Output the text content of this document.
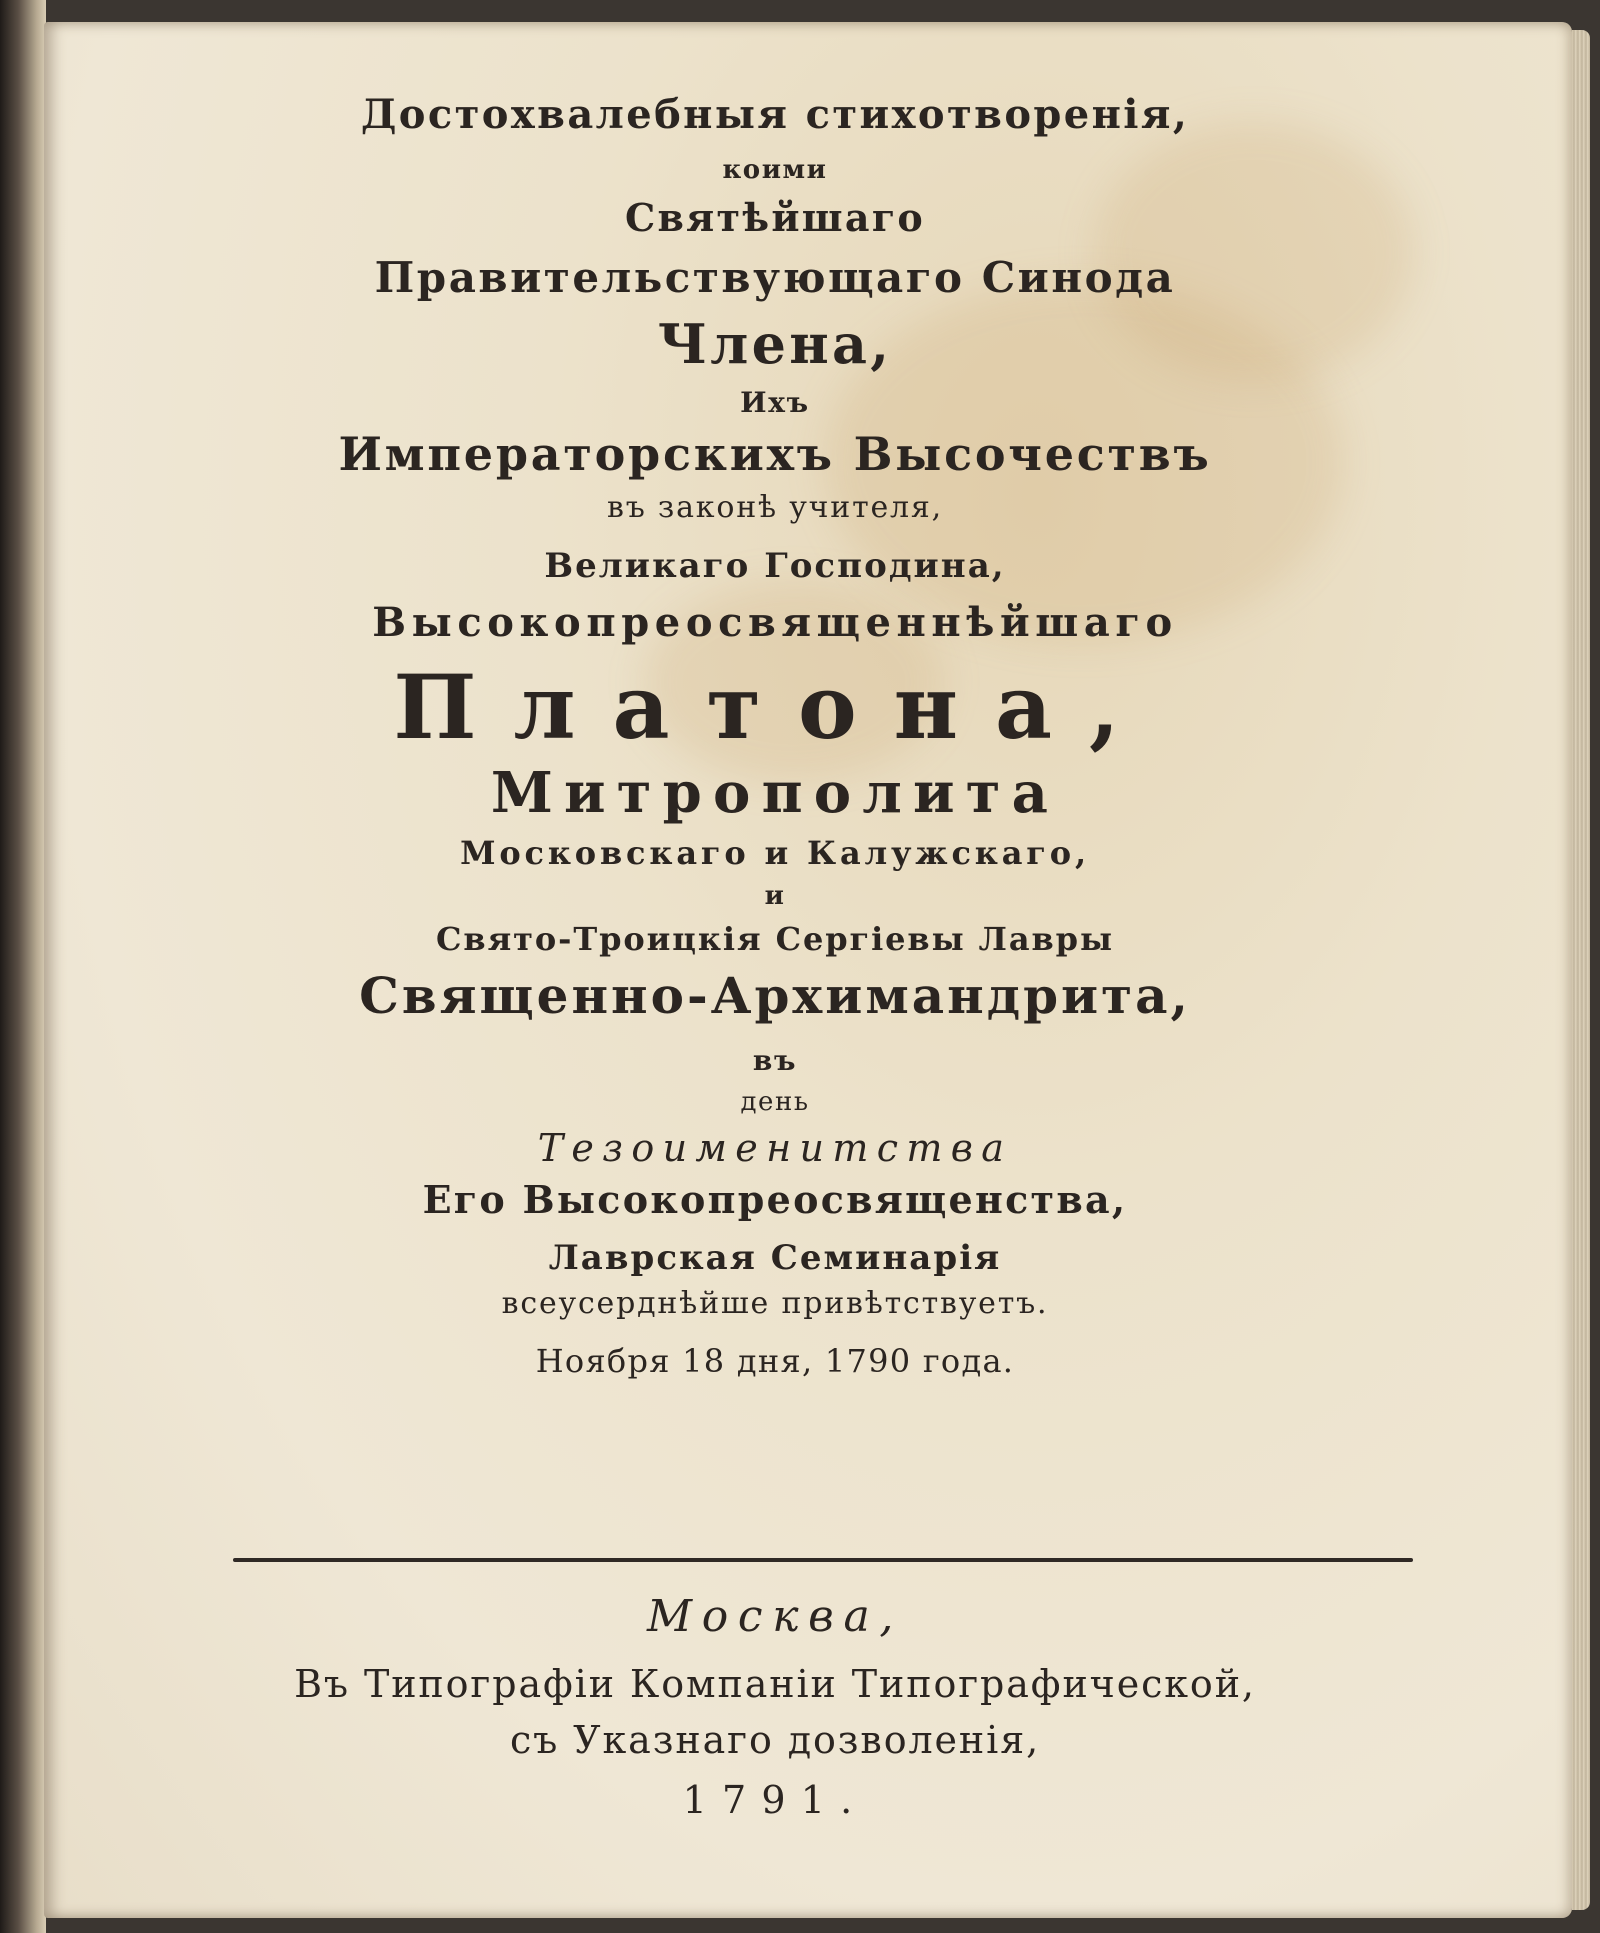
Достохвалебныя стихотворенія,
коими
Святѣйшаго
Правительствующаго Синода
Члена,
Ихъ
Императорскихъ Высочествъ
въ законѣ учителя,
Великаго Господина,
Высокопреосвященнѣйшаго
Платона,
Митрополита
Московскаго и Калужскаго,
и
Свято-Троицкія Сергіевы Лавры
Священно-Архимандрита,
въ
день
Тезоименитства
Его Высокопреосвященства,
Лаврская Семинарія
всеусерднѣйше привѣтствуетъ.
Ноября 18 дня, 1790 года.
Москва,
Въ Типографіи Компаніи Типографической,
съ Указнаго дозволенія,
1791.
